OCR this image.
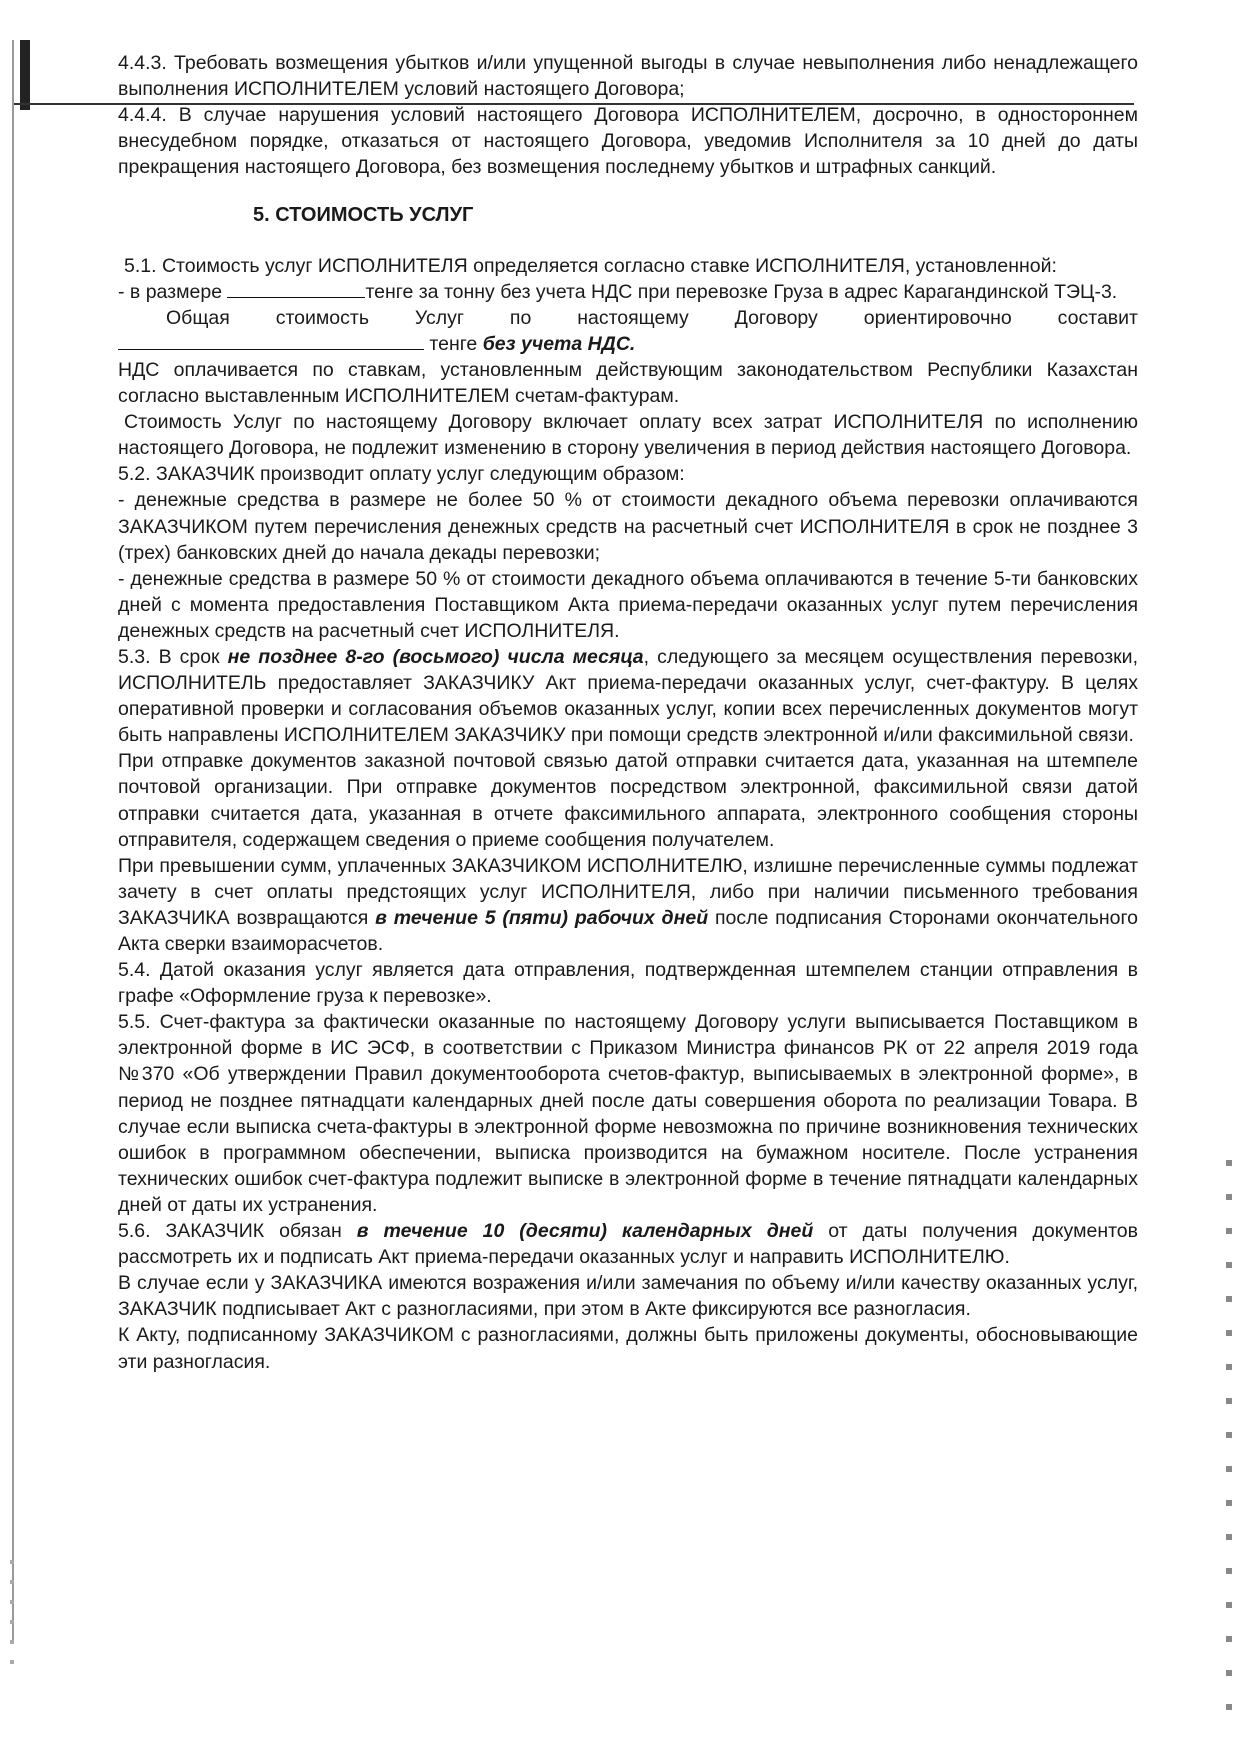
4.4.3. Требовать возмещения убытков и/или упущенной выгоды в случае невыполнения либо ненадлежащего выполнения ИСПОЛНИТЕЛЕМ условий настоящего Договора;

4.4.4. В случае нарушения условий настоящего Договора ИСПОЛНИТЕЛЕМ, досрочно, в одностороннем внесудебном порядке, отказаться от настоящего Договора, уведомив Исполнителя за 10 дней до даты прекращения настоящего Договора, без возмещения последнему убытков и штрафных санкций.

5. СТОИМОСТЬ УСЛУГ

5.1. Стоимость услуг ИСПОЛНИТЕЛЯ определяется согласно ставке ИСПОЛНИТЕЛЯ, установленной:

- в размере	тенге за тонну без учета НДС при перевозке Груза в адрес Карагандинской ТЭЦ-3.

Общая стоимость Услуг по настоящему Договору ориентировочно составит

тенге без учета НДС.

НДС оплачивается по ставкам, установленным действующим законодательством Республики Казахстан согласно выставленным ИСПОЛНИТЕЛЕМ счетам-фактурам.

Стоимость Услуг по настоящему Договору включает оплату всех затрат ИСПОЛНИТЕЛЯ по исполнению настоящего Договора, не подлежит изменению в сторону увеличения в период действия настоящего Договора.

5.2. ЗАКАЗЧИК производит оплату услуг следующим образом:

- денежные средства в размере не более 50 % от стоимости декадного объема перевозки оплачиваются ЗАКАЗЧИКОМ путем перечисления денежных средств на расчетный счет ИСПОЛНИТЕЛЯ в срок не позднее 3 (трех) банковских дней до начала декады перевозки;

- денежные средства в размере 50 % от стоимости декадного объема оплачиваются в течение 5-ти банковских дней с момента предоставления Поставщиком Акта приема-передачи оказанных услуг путем перечисления денежных средств на расчетный счет ИСПОЛНИТЕЛЯ.

5.3. В срок не позднее 8-го (восьмого) числа месяца, следующего за месяцем осуществления перевозки, ИСПОЛНИТЕЛЬ предоставляет ЗАКАЗЧИКУ Акт приема-передачи оказанных услуг, счет-фактуру. В целях оперативной проверки и согласования объемов оказанных услуг, копии всех перечисленных документов могут быть направлены ИСПОЛНИТЕЛЕМ ЗАКАЗЧИКУ при помощи средств электронной и/или факсимильной связи.

При отправке документов заказной почтовой связью датой отправки считается дата, указанная на штемпеле почтовой организации. При отправке документов посредством электронной, факсимильной связи датой отправки считается дата, указанная в отчете факсимильного аппарата, электронного сообщения стороны отправителя, содержащем сведения о приеме сообщения получателем.

При превышении сумм, уплаченных ЗАКАЗЧИКОМ ИСПОЛНИТЕЛЮ, излишне перечисленные суммы подлежат зачету в счет оплаты предстоящих услуг ИСПОЛНИТЕЛЯ, либо при наличии письменного требования ЗАКАЗЧИКА возвращаются в течение 5 (пяти) рабочих дней после подписания Сторонами окончательного Акта сверки взаиморасчетов.

5.4. Датой оказания услуг является дата отправления, подтвержденная штемпелем станции отправления в графе «Оформление груза к перевозке».

5.5. Счет-фактура за фактически оказанные по настоящему Договору услуги выписывается Поставщиком в электронной форме в ИС ЭСФ, в соответствии с Приказом Министра финансов РК от 22 апреля 2019 года №370 «Об утверждении Правил документооборота счетов-фактур, выписываемых в электронной форме», в период не позднее пятнадцати календарных дней после даты совершения оборота по реализации Товара. В случае если выписка счета-фактуры в электронной форме невозможна по причине возникновения технических ошибок в программном обеспечении, выписка производится на бумажном носителе. После устранения технических ошибок счет-фактура подлежит выписке в электронной форме в течение пятнадцати календарных дней от даты их устранения.

5.6. ЗАКАЗЧИК обязан в течение 10 (десяти) календарных дней от даты получения документов рассмотреть их и подписать Акт приема-передачи оказанных услуг и направить ИСПОЛНИТЕЛЮ.

В случае если у ЗАКАЗЧИКА имеются возражения и/или замечания по объему и/или качеству оказанных услуг, ЗАКАЗЧИК подписывает Акт с разногласиями, при этом в Акте фиксируются все разногласия.

К Акту, подписанному ЗАКАЗЧИКОМ с разногласиями, должны быть приложены документы, обосновывающие эти разногласия.
